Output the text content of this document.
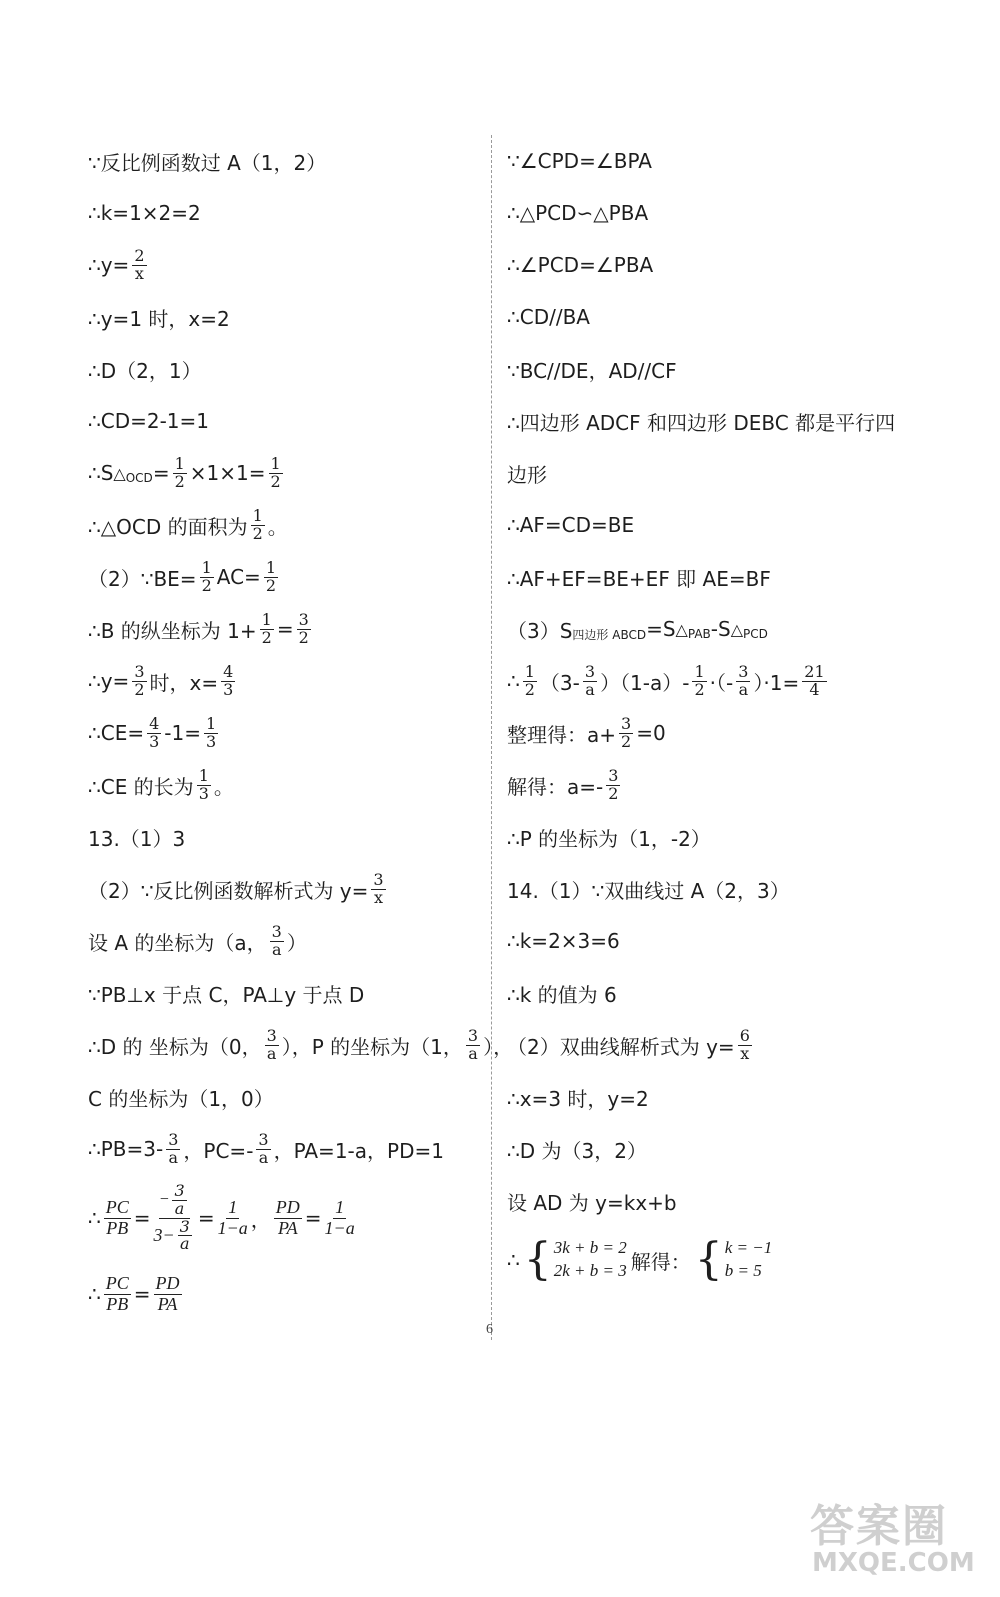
∵反比例函数过 A（1，2）
∴k=1×2=2
∴y= $\frac{2}{x}$
∴y=1 时，x=2
∴D（2，1）
∴CD=2-1=1
∴S △ OCD = $\frac{1}{2} \times 1\times 1= \frac{1}{2}$
∴△OCD 的面积为 $\frac{1}{2}$ 。
（2）∵BE= $\frac{1}{2} AC= \frac{1}{2}$
∴B 的纵坐标为 $1+ \frac{1}{2} = \frac{3}{2}$
∴y= $\frac{3}{2}$ 时，$x= \frac{4}{3}$
∴CE= $\frac{4}{3} -1= \frac{1}{3}$
∴CE 的长为 $\frac{1}{3}$ 。
13.（1）3
（2）∵反比例函数解析式为 $y= \frac{3}{x}$
设 A 的坐标为（a， $\frac{3}{a}$ ）
∵PB⊥x 于点 C，PA⊥y 于点 D
∴D 的 坐标为（0， $\frac{3}{a}$ ），P 的坐标为（1， $\frac{3}{a}$ ），
C 的坐标为（1，0）
∴PB=3- $\frac{3}{a}$ ，$PC=- \frac{3}{a}$ ，PA=1-a，PD=1
∴ $\frac{PC}{PB} = \frac{- \frac{3}{a}}{3- \frac{3}{a}} = \frac{1}{1-a}$ ， $\frac{PD}{PA} = \frac{1}{1-a}$
∴ $\frac{PC}{PB} = \frac{PD}{PA}$
∵∠CPD=∠BPA
∴△PCD∽△PBA
∴∠PCD=∠PBA
∴CD//BA
∵BC//DE，AD//CF
∴四边形 ADCF 和四边形 DEBC 都是平行四
边形
∴AF=CD=BE
∴AF+EF=BE+EF 即 AE=BF
（3）S 四边形 ABCD =S △ PAB -S △ PCD
∴ $\frac{1}{2} (3- \frac{3}{a} )(1-a)- \frac{1}{2}$ ·（- $\frac{3}{a} )\cdot 1= \frac{21}{4}$
整理得：$a+ \frac{3}{2} =0$
解得：$a=- \frac{3}{2}$
∴P 的坐标为（1，-2）
14.（1）∵双曲线过 A（2，3）
∴k=2×3=6
∴k 的值为 6
（2）双曲线解析式为 $y= \frac{6}{x}$
∴x=3 时，y=2
∴D 为（3，2）
设 AD 为 y=kx+b
∴ { 3k + b = 2
2k + b = 3 解得： { k = −1
b = 5
6
答案圈
MXQE.COM
